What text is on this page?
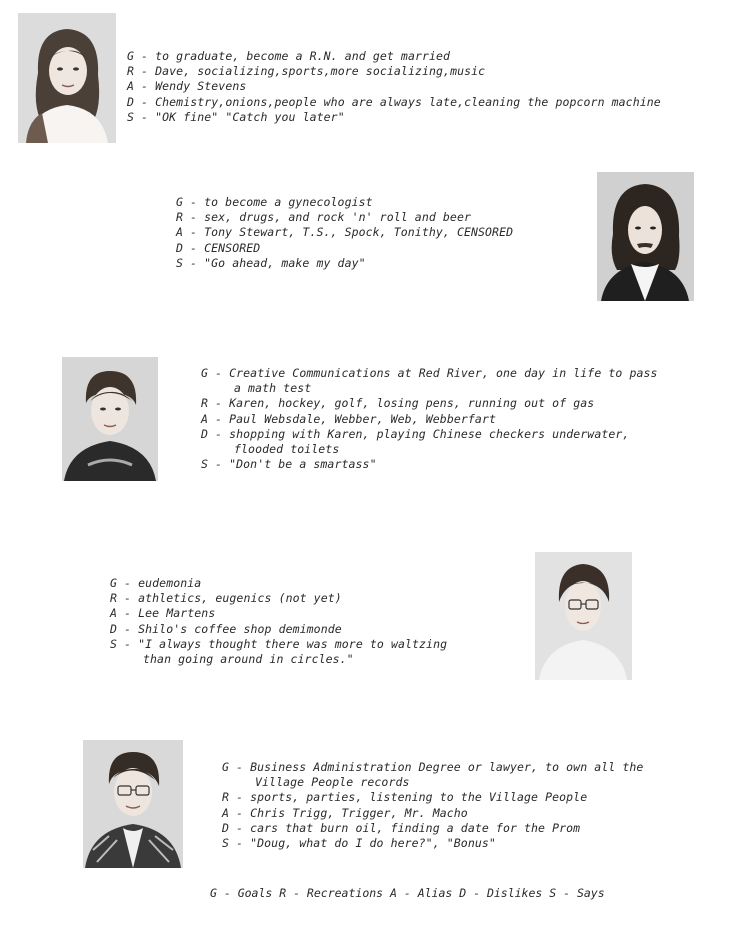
G - to graduate, become a R.N. and get married
R - Dave, socializing,sports,more socializing,music
A - Wendy Stevens
D - Chemistry,onions,people who are always late,cleaning the popcorn machine
S - "OK fine" "Catch you later"
G - to become a gynecologist
R - sex, drugs, and rock 'n' roll and beer
A - Tony Stewart, T.S., Spock, Tonithy, CENSORED
D - CENSORED
S - "Go ahead, make my day"
G - Creative Communications at Red River, one day in life to pass
a math test
R - Karen, hockey, golf, losing pens, running out of gas
A - Paul Websdale, Webber, Web, Webberfart
D - shopping with Karen, playing Chinese checkers underwater,
flooded toilets
S - "Don't be a smartass"
G - eudemonia
R - athletics, eugenics (not yet)
A - Lee Martens
D - Shilo's coffee shop demimonde
S - "I always thought there was more to waltzing
than going around in circles."
G - Business Administration Degree or lawyer, to own all the
Village People records
R - sports, parties, listening to the Village People
A - Chris Trigg, Trigger, Mr. Macho
D - cars that burn oil, finding a date for the Prom
S - "Doug, what do I do here?", "Bonus"
G - Goals R - Recreations A - Alias D - Dislikes S - Says
